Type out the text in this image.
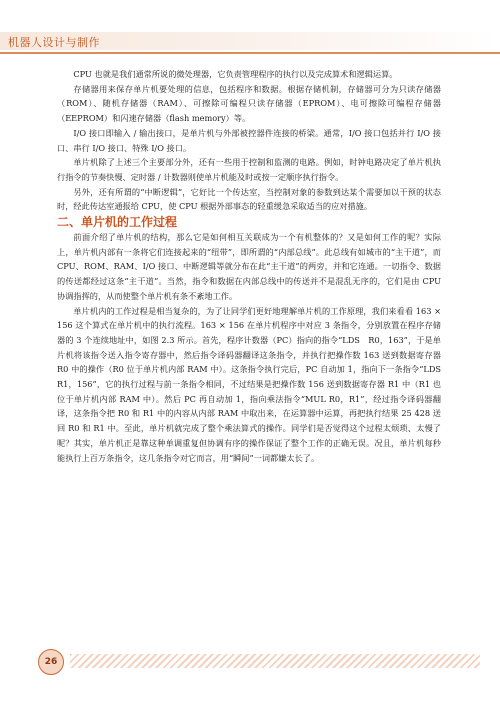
机器人设计与制作

CPU 也就是我们通常所说的微处理器，它负责管理程序的执行以及完成算术和逻辑运算。

存储器用来保存单片机要处理的信息，包括程序和数据。根据存储机制，存储器可分为只读存储器（ROM）、随机存储器（RAM）、可擦除可编程只读存储器（EPROM）、电可擦除可编程存储器（EEPROM）和闪速存储器（flash memory）等。

I/O 接口即输入 / 输出接口，是单片机与外部被控器件连接的桥梁。通常，I/O 接口包括并行 I/O 接口、串行 I/O 接口、特殊 I/O 接口。

单片机除了上述三个主要部分外，还有一些用于控制和监测的电路。例如，时钟电路决定了单片机执行指令的节奏快慢、定时器 / 计数器则使单片机能及时或按一定顺序执行指令。

另外，还有所谓的“中断逻辑”，它好比一个传达室，当控制对象的参数到达某个需要加以干预的状态时，经此传达室通报给 CPU，使 CPU 根据外部事态的轻重缓急采取适当的应对措施。

二、单片机的工作过程

前面介绍了单片机的结构，那么它是如何相互关联成为一个有机整体的？又是如何工作的呢？实际上，单片机内部有一条将它们连接起来的“纽带”，即所谓的“内部总线”。此总线有如城市的“主干道”，而 CPU、ROM、RAM、I/O 接口、中断逻辑等就分布在此“主干道”的两旁，并和它连通。一切指令、数据的传送都经过这条“主干道”。当然，指令和数据在内部总线中的传送并不是混乱无序的，它们是由 CPU 协调指挥的，从而使整个单片机有条不紊地工作。

单片机内的工作过程是相当复杂的，为了让同学们更好地理解单片机的工作原理，我们来看看 163 × 156 这个算式在单片机中的执行流程。163 × 156 在单片机程序中对应 3 条指令，分别放置在程序存储器的 3 个连续地址中，如图 2.3 所示。首先，程序计数器（PC）指向的指令“LDS　R0，163”，于是单片机将该指令送入指令寄存器中，然后指令译码器翻译这条指令，并执行把操作数 163 送到数据寄存器 R0 中的操作（R0 位于单片机内部 RAM 中）。这条指令执行完后，PC 自动加 1，指向下一条指令“LDS　R1，156”，它的执行过程与前一条指令相同，不过结果是把操作数 156 送到数据寄存器 R1 中（R1 也位于单片机内部 RAM 中）。然后 PC 再自动加 1，指向乘法指令“MUL R0，R1”，经过指令译码器翻译，这条指令把 R0 和 R1 中的内容从内部 RAM 中取出来，在运算器中运算，再把执行结果 25 428 送回 R0 和 R1 中。至此，单片机就完成了整个乘法算式的操作。同学们是否觉得这个过程太烦琐、太慢了呢？其实，单片机正是靠这种单调重复但协调有序的操作保证了整个工作的正确无误。况且，单片机每秒能执行上百万条指令，这几条指令对它而言，用“瞬间”一词都嫌太长了。

26
